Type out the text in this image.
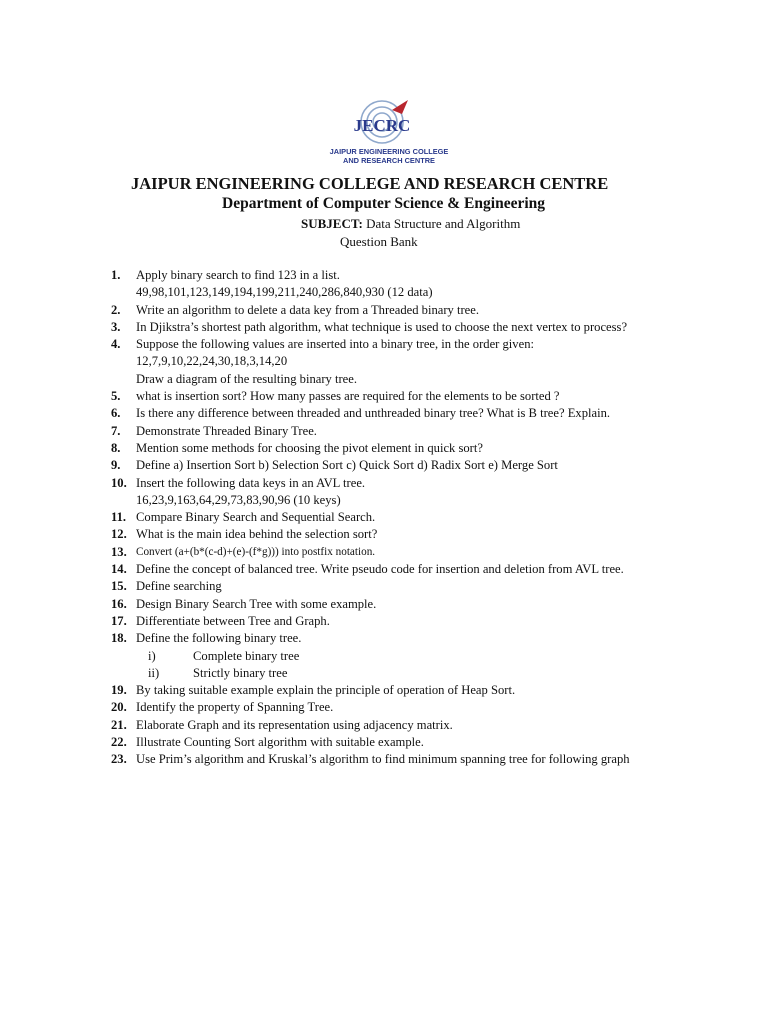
JECRC
JAIPUR ENGINEERING COLLEGE
AND RESEARCH CENTRE
JAIPUR ENGINEERING COLLEGE AND RESEARCH CENTRE
Department of Computer Science & Engineering
SUBJECT: Data Structure and Algorithm
Question Bank
1. Apply binary search to find 123 in a list.
49,98,101,123,149,194,199,211,240,286,840,930 (12 data)
2. Write an algorithm to delete a data key from a Threaded binary tree.
3. In Djikstra’s shortest path algorithm, what technique is used to choose the next vertex to process?
4. Suppose the following values are inserted into a binary tree, in the order given:
12,7,9,10,22,24,30,18,3,14,20
Draw a diagram of the resulting binary tree.
5. what is insertion sort? How many passes are required for the elements to be sorted ?
6. Is there any difference between threaded and unthreaded binary tree? What is B tree? Explain.
7. Demonstrate Threaded Binary Tree.
8. Mention some methods for choosing the pivot element in quick sort?
9. Define a) Insertion Sort b) Selection Sort c) Quick Sort d) Radix Sort e) Merge Sort
10. Insert the following data keys in an AVL tree.
16,23,9,163,64,29,73,83,90,96 (10 keys)
11. Compare Binary Search and Sequential Search.
12. What is the main idea behind the selection sort?
13. Convert (a+(b*(c-d)+(e)-(f*g))) into postfix notation.
14. Define the concept of balanced tree. Write pseudo code for insertion and deletion from AVL tree.
15. Define searching
16. Design Binary Search Tree with some example.
17. Differentiate between Tree and Graph.
18. Define the following binary tree.
i)	Complete binary tree
ii)	Strictly binary tree
19. By taking suitable example explain the principle of operation of Heap Sort.
20. Identify the property of Spanning Tree.
21. Elaborate Graph and its representation using adjacency matrix.
22. Illustrate Counting Sort algorithm with suitable example.
23. Use Prim’s algorithm and Kruskal’s algorithm to find minimum spanning tree for following graph
